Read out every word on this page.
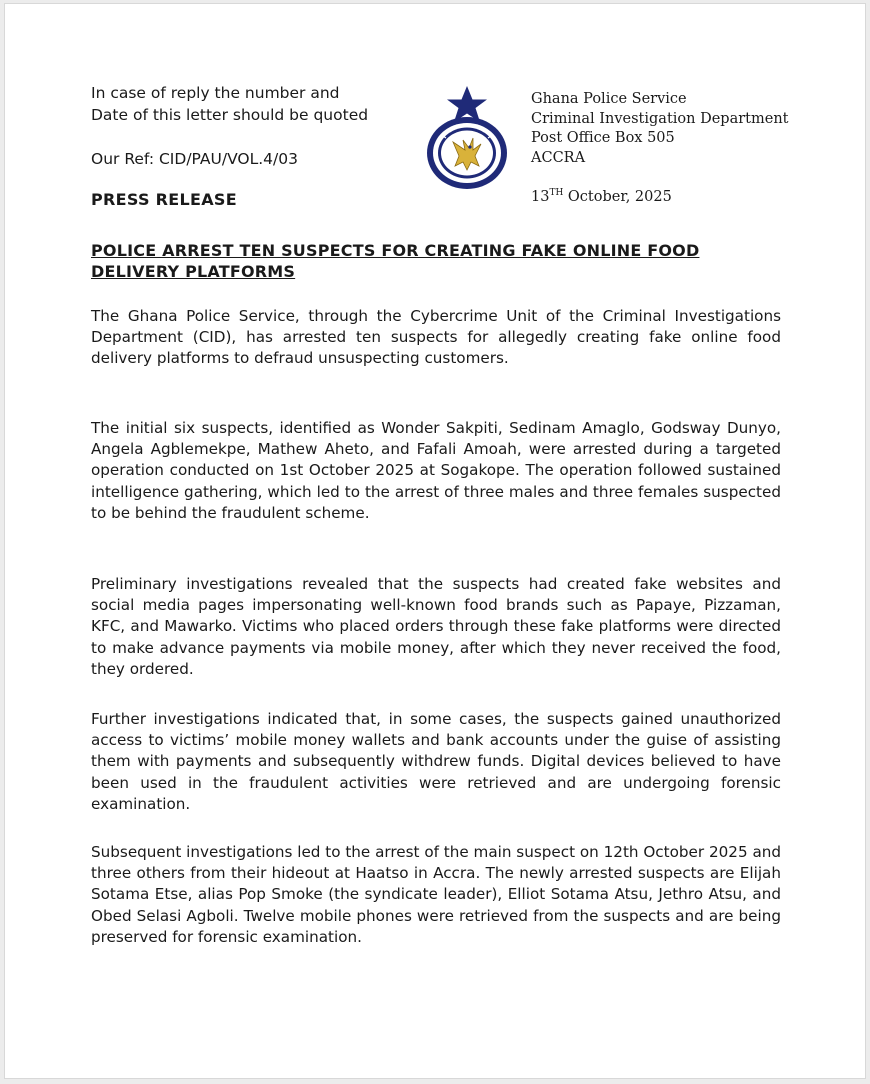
In case of reply the number and
Date of this letter should be quoted
Our Ref: CID/PAU/VOL.4/03
PRESS RELEASE
Ghana Police Service
Criminal Investigation Department
Post Office Box 505
ACCRA
13TH October, 2025
POLICE ARREST TEN SUSPECTS FOR CREATING FAKE ONLINE FOOD DELIVERY PLATFORMS

The Ghana Police Service, through the Cybercrime Unit of the Criminal Investigations Department (CID), has arrested ten suspects for allegedly creating fake online food delivery platforms to defraud unsuspecting customers.

The initial six suspects, identified as Wonder Sakpiti, Sedinam Amaglo, Godsway Dunyo, Angela Agblemekpe, Mathew Aheto, and Fafali Amoah, were arrested during a targeted operation conducted on 1st October 2025 at Sogakope. The operation followed sustained intelligence gathering, which led to the arrest of three males and three females suspected to be behind the fraudulent scheme.

Preliminary investigations revealed that the suspects had created fake websites and social media pages impersonating well-known food brands such as Papaye, Pizzaman, KFC, and Mawarko. Victims who placed orders through these fake platforms were directed to make advance payments via mobile money, after which they never received the food, they ordered.

Further investigations indicated that, in some cases, the suspects gained unauthorized access to victims’ mobile money wallets and bank accounts under the guise of assisting them with payments and subsequently withdrew funds. Digital devices believed to have been used in the fraudulent activities were retrieved and are undergoing forensic examination.

Subsequent investigations led to the arrest of the main suspect on 12th October 2025 and three others from their hideout at Haatso in Accra. The newly arrested suspects are Elijah Sotama Etse, alias Pop Smoke (the syndicate leader), Elliot Sotama Atsu, Jethro Atsu, and Obed Selasi Agboli. Twelve mobile phones were retrieved from the suspects and are being preserved for forensic examination.
